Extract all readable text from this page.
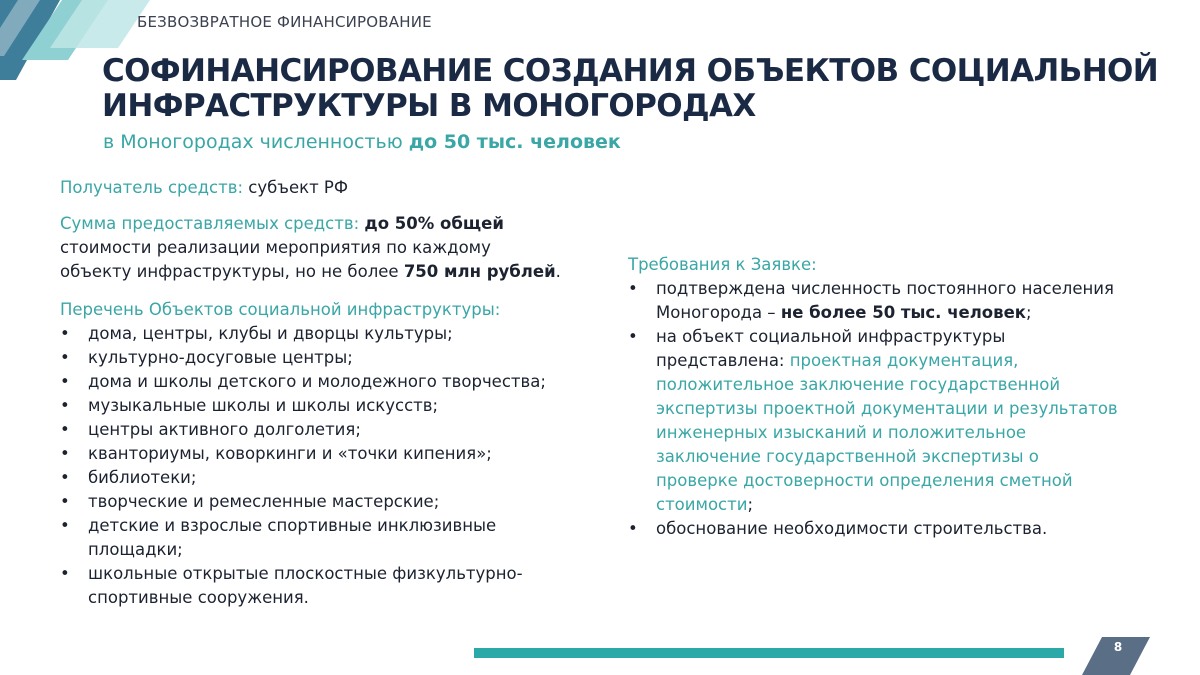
БЕЗВОЗВРАТНОЕ ФИНАНСИРОВАНИЕ
СОФИНАНСИРОВАНИЕ СОЗДАНИЯ ОБЪЕКТОВ СОЦИАЛЬНОЙ
ИНФРАСТРУКТУРЫ В МОНОГОРОДАХ
в Моногородах численностью до 50 тыс. человек

Получатель средств: субъект РФ

Сумма предоставляемых средств: до 50% общей
стоимости реализации мероприятия по каждому
объекту инфраструктуры, но не более 750 млн рублей.

Перечень Объектов социальной инфраструктуры:

• дома, центры, клубы и дворцы культуры;
• культурно-досуговые центры;
• дома и школы детского и молодежного творчества;
• музыкальные школы и школы искусств;
• центры активного долголетия;
• кванториумы, коворкинги и «точки кипения»;
• библиотеки;
• творческие и ремесленные мастерские;
• детские и взрослые спортивные инклюзивные площадки;
• школьные открытые плоскостные физкультурно-спортивные сооружения.

Требования к Заявке:

• подтверждена численность постоянного населения Моногорода – не более 50 тыс. человек;
• на объект социальной инфраструктуры представлена: проектная документация, положительное заключение государственной экспертизы проектной документации и результатов инженерных изысканий и положительное заключение государственной экспертизы о проверке достоверности определения сметной стоимости;
• обоснование необходимости строительства.
8
